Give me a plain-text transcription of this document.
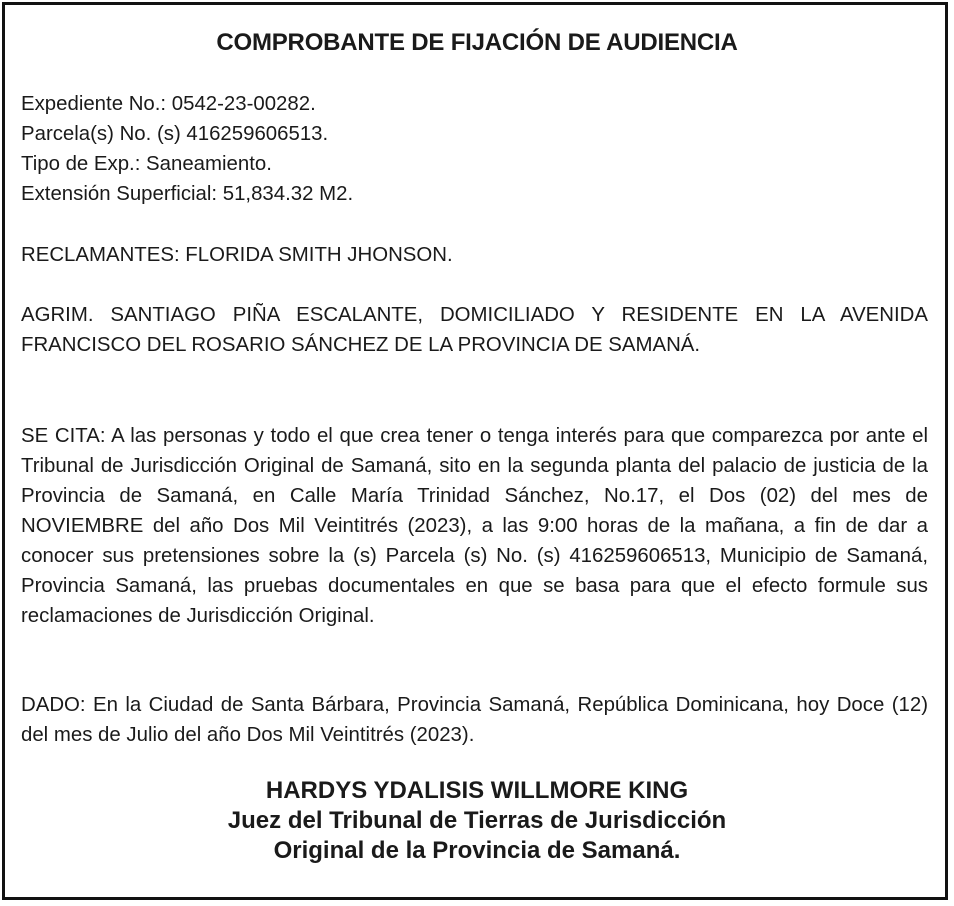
COMPROBANTE DE FIJACIÓN DE AUDIENCIA
Expediente No.: 0542-23-00282.
Parcela(s) No. (s) 416259606513.
Tipo de Exp.: Saneamiento.
Extensión Superficial: 51,834.32 M2.

RECLAMANTES: FLORIDA SMITH JHONSON.

AGRIM. SANTIAGO PIÑA ESCALANTE, DOMICILIADO Y RESIDENTE EN LA AVENIDA FRANCISCO DEL ROSARIO SÁNCHEZ DE LA PROVINCIA DE SAMANÁ.

SE CITA: A las personas y todo el que crea tener o tenga interés para que comparezca por ante el Tribunal de Jurisdicción Original de Samaná, sito en la segunda planta del palacio de justicia de la Provincia de Samaná, en Calle María Trinidad Sánchez, No.17, el Dos (02) del mes de NOVIEMBRE del año Dos Mil Veintitrés (2023), a las 9:00 horas de la mañana, a fin de dar a conocer sus pretensiones sobre la (s) Parcela (s) No. (s) 416259606513, Municipio de Samaná, Provincia Samaná, las pruebas documentales en que se basa para que el efecto formule sus reclamaciones de Jurisdicción Original.

DADO: En la Ciudad de Santa Bárbara, Provincia Samaná, República Dominicana, hoy Doce (12) del mes de Julio del año Dos Mil Veintitrés (2023).

HARDYS YDALISIS WILLMORE KING
Juez del Tribunal de Tierras de Jurisdicción
Original de la Provincia de Samaná.
